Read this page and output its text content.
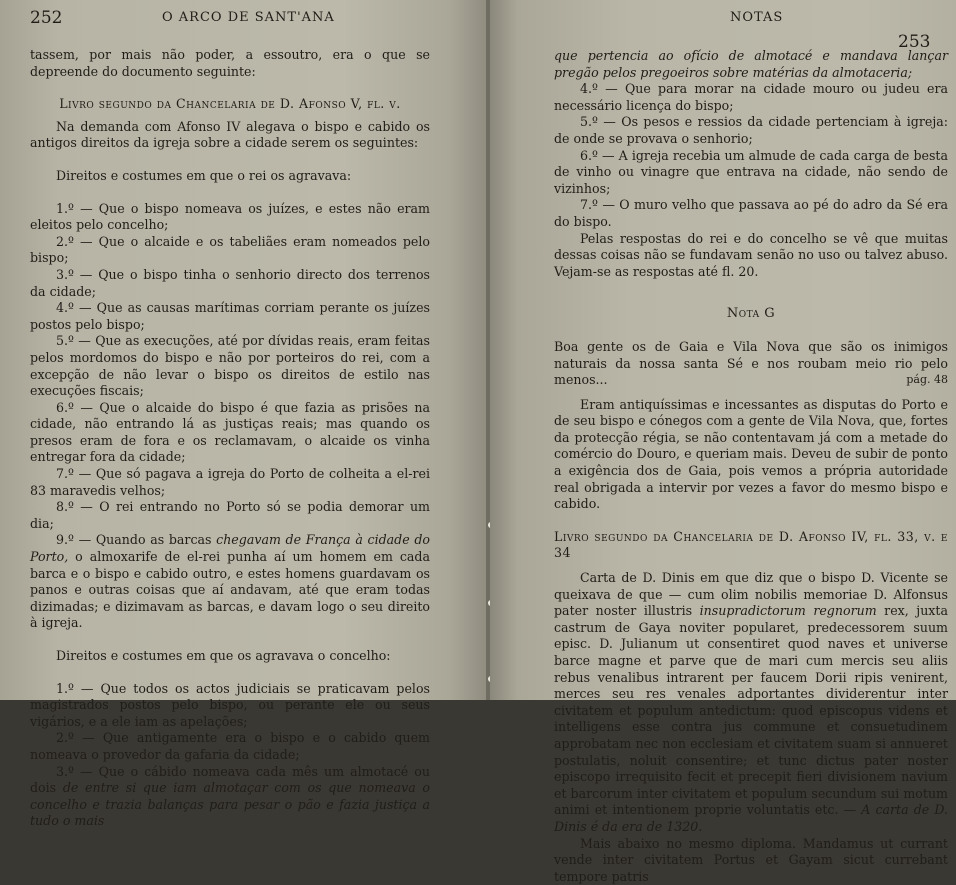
252	O ARCO DE SANT'ANA

tassem, por mais não poder, a essoutro, era o que se depreende do documento seguinte:

Livro segundo da Chancelaria de D. Afonso V, fl. v.

Na demanda com Afonso IV alegava o bispo e cabido os antigos direitos da igreja sobre a cidade serem os seguintes:

Direitos e costumes em que o rei os agravava:

1.º — Que o bispo nomeava os juízes, e estes não eram eleitos pelo concelho;

2.º — Que o alcaide e os tabeliães eram nomeados pelo bispo;

3.º — Que o bispo tinha o senhorio directo dos terrenos da cidade;

4.º — Que as causas marítimas corriam perante os juízes postos pelo bispo;

5.º — Que as execuções, até por dívidas reais, eram feitas pelos mordomos do bispo e não por porteiros do rei, com a excepção de não levar o bispo os direitos de estilo nas execuções fiscais;

6.º — Que o alcaide do bispo é que fazia as prisões na cidade, não entrando lá as justiças reais; mas quando os presos eram de fora e os reclamavam, o alcaide os vinha entregar fora da cidade;

7.º — Que só pagava a igreja do Porto de colheita a el-rei 83 maravedis velhos;

8.º — O rei entrando no Porto só se podia demorar um dia;

9.º — Quando as barcas chegavam de França à cidade do Porto, o almoxarife de el-rei punha aí um homem em cada barca e o bispo e cabido outro, e estes homens guardavam os panos e outras coisas que aí andavam, até que eram todas dizimadas; e dizimavam as barcas, e davam logo o seu direito à igreja.

Direitos e costumes em que os agravava o concelho:

1.º — Que todos os actos judiciais se praticavam pelos magistrados postos pelo bispo, ou perante ele ou seus vigários, e a ele iam as apelações;

2.º — Que antigamente era o bispo e o cabido quem nomeava o provedor da gafaria da cidade;

3.º — Que o cábido nomeava cada mês um almotacé ou dois de entre si que iam almotaçar com os que nomeava o concelho e trazia balanças para pesar o pão e fazia justiça a tudo o mais

NOTAS
253

que pertencia ao ofício de almotacé e mandava lançar pregão pelos pregoeiros sobre matérias da almotaceria;

4.º — Que para morar na cidade mouro ou judeu era necessário licença do bispo;

5.º — Os pesos e ressios da cidade pertenciam à igreja: de onde se provava o senhorio;

6.º — A igreja recebia um almude de cada carga de besta de vinho ou vinagre que entrava na cidade, não sendo de vizinhos;

7.º — O muro velho que passava ao pé do adro da Sé era do bispo.

Pelas respostas do rei e do concelho se vê que muitas dessas coisas não se fundavam senão no uso ou talvez abuso. Vejam-se as respostas até fl. 20.

Nota G

Boa gente os de Gaia e Vila Nova que são os inimigos naturais da nossa santa Sé e nos roubam meio rio pelo menos...	pág. 48

Eram antiquíssimas e incessantes as disputas do Porto e de seu bispo e cónegos com a gente de Vila Nova, que, fortes da protecção régia, se não contentavam já com a metade do comércio do Douro, e queriam mais. Deveu de subir de ponto a exigência dos de Gaia, pois vemos a própria autoridade real obrigada a intervir por vezes a favor do mesmo bispo e cabido.

Livro segundo da Chancelaria de D. Afonso IV, fl. 33, v. e 34

Carta de D. Dinis em que diz que o bispo D. Vicente se queixava de que — cum olim nobilis memoriae D. Alfonsus pater noster illustris insupradictorum regnorum rex, juxta castrum de Gaya noviter popularet, predecessorem suum episc. D. Julianum ut consentiret quod naves et universe barce magne et parve que de mari cum mercis seu aliis rebus venalibus intrarent per faucem Dorii ripis venirent, merces seu res venales adportantes dividerentur inter civitatem et populum antedictum: quod episcopus videns et intelligens esse contra jus commune et consuetudinem approbatam nec non ecclesiam et civitatem suam si annueret postulatis, noluit consentire; et tunc dictus pater noster episcopo irrequisito fecit et precepit fieri divisionem navium et barcorum inter civitatem et populum secundum sui motum animi et intentionem proprie voluntatis etc. — A carta de D. Dinis é da era de 1320.

Mais abaixo no mesmo diploma. Mandamus ut currant vende inter civitatem Portus et Gayam sicut currebant tempore patris
